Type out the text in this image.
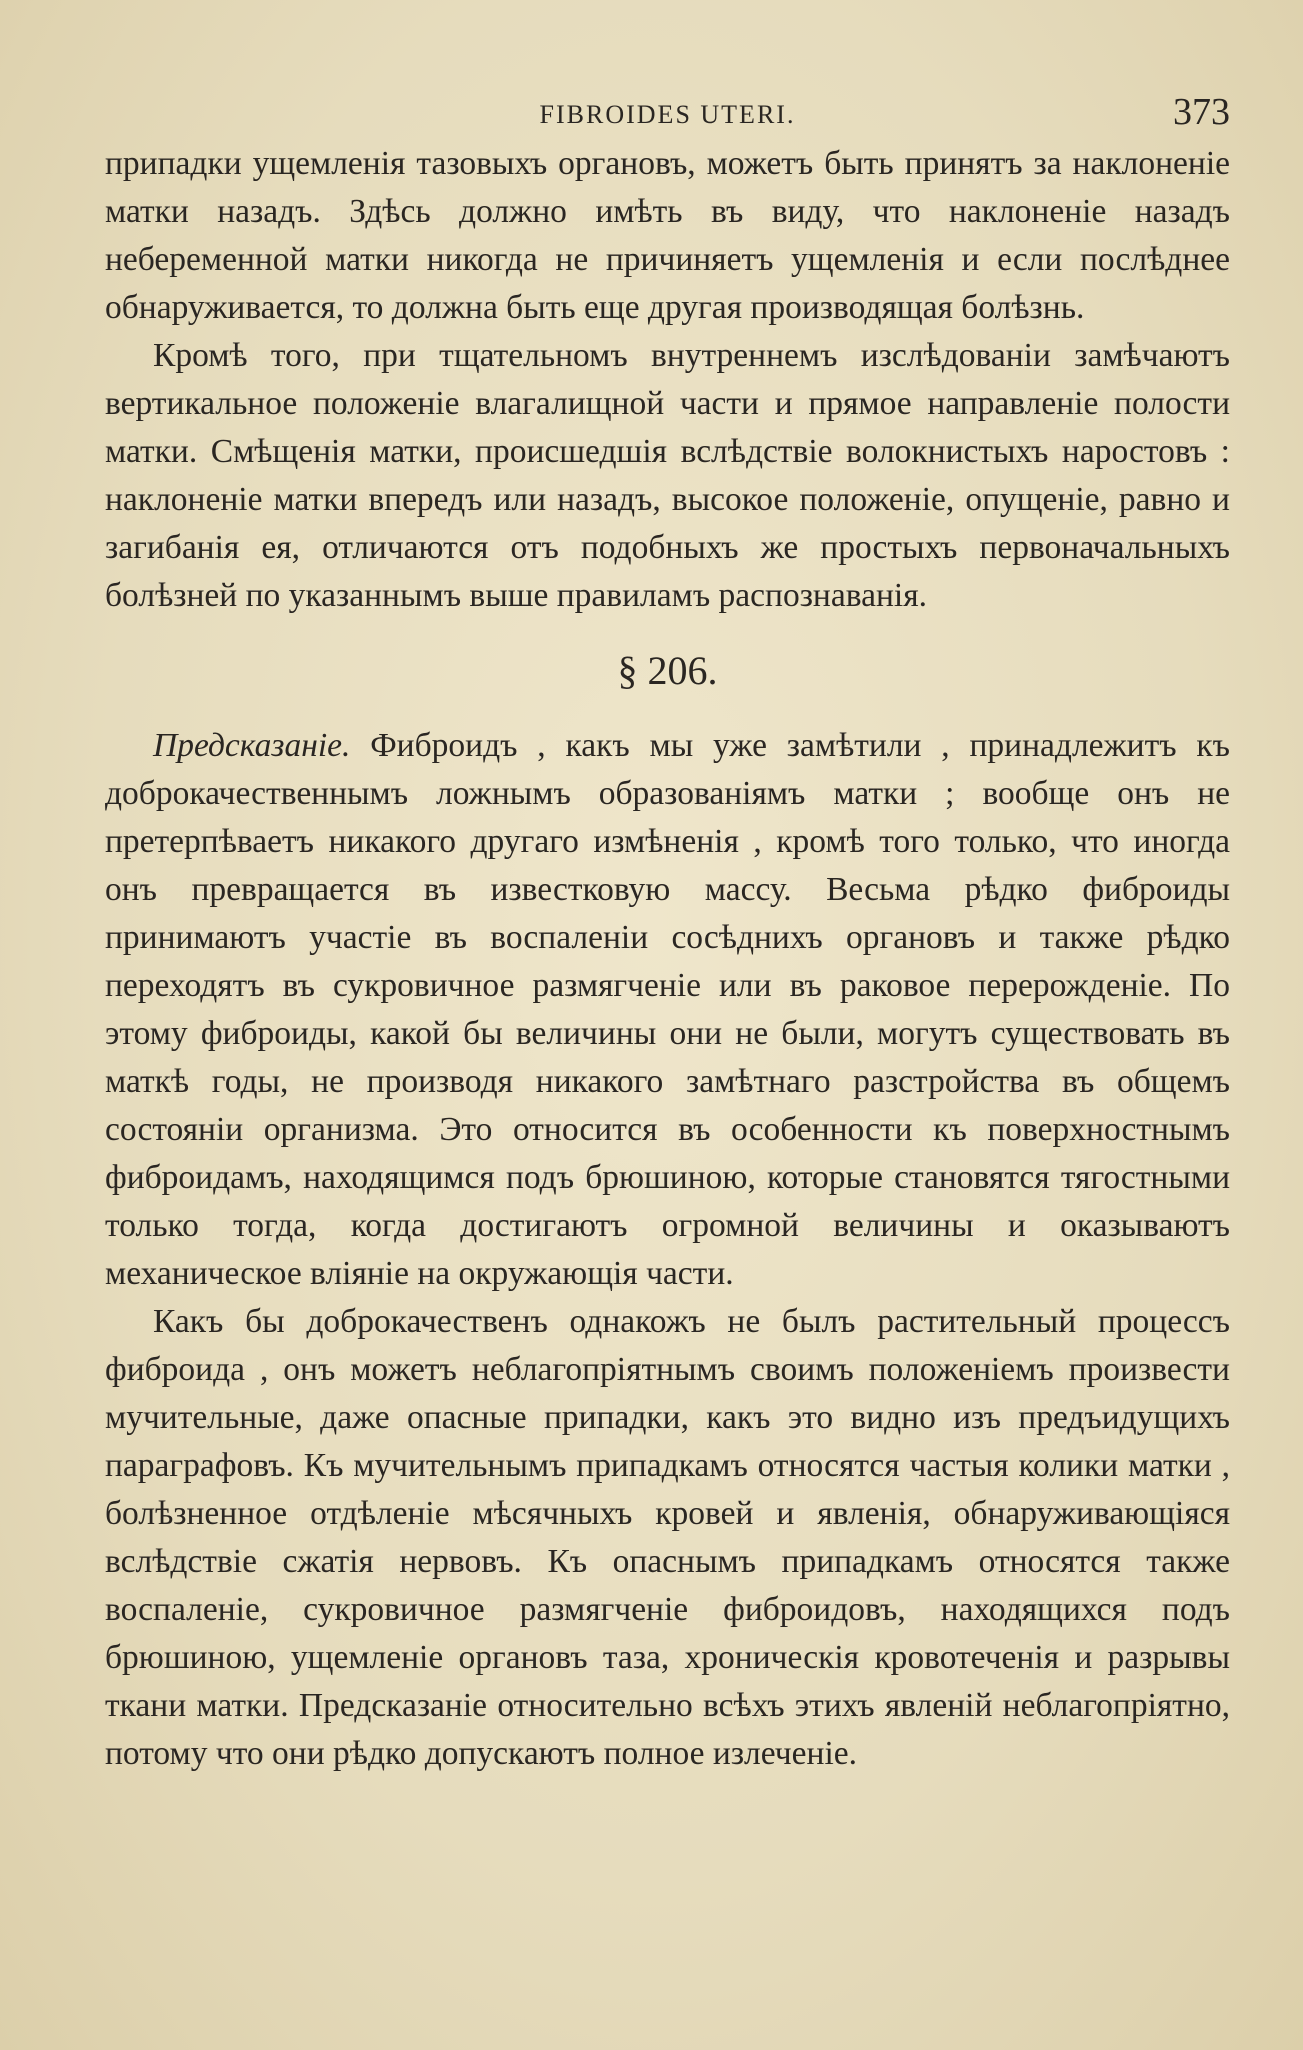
FIBROIDES UTERI.	373

припадки ущемленія тазовыхъ органовъ, можетъ быть принятъ за наклоненіе матки назадъ. Здѣсь должно имѣть въ виду, что наклоненіе назадъ небеременной матки никогда не причиняетъ ущемленія и если послѣднее обнаруживается, то должна быть еще другая производящая болѣзнь.

Кромѣ того, при тщательномъ внутреннемъ изслѣдованіи замѣчаютъ вертикальное положеніе влагалищной части и прямое направленіе полости матки. Смѣщенія матки, происшедшія вслѣдствіе волокнистыхъ наростовъ : наклоненіе матки впередъ или назадъ, высокое положеніе, опущеніе, равно и загибанія ея, отличаются отъ подобныхъ же простыхъ первоначальныхъ болѣзней по указаннымъ выше правиламъ распознаванія.

§ 206.

Предсказаніе. Фиброидъ , какъ мы уже замѣтили , принадлежитъ къ доброкачественнымъ ложнымъ образованіямъ матки ; вообще онъ не претерпѣваетъ никакого другаго измѣненія , кромѣ того только, что иногда онъ превращается въ известковую массу. Весьма рѣдко фиброиды принимаютъ участіе въ воспаленіи сосѣднихъ органовъ и также рѣдко переходятъ въ сукровичное размягченіе или въ раковое перерожденіе. По этому фиброиды, какой бы величины они не были, могутъ существовать въ маткѣ годы, не производя никакого замѣтнаго разстройства въ общемъ состояніи организма. Это относится въ особенности къ поверхностнымъ фиброидамъ, находящимся подъ брюшиною, которые становятся тягостными только тогда, когда достигаютъ огромной величины и оказываютъ механическое вліяніе на окружающія части.

Какъ бы доброкачественъ однакожъ не былъ растительный процессъ фиброида , онъ можетъ неблагопріятнымъ своимъ положеніемъ произвести мучительные, даже опасные припадки, какъ это видно изъ предъидущихъ параграфовъ. Къ мучительнымъ припадкамъ относятся частыя колики матки , болѣзненное отдѣленіе мѣсячныхъ кровей и явленія, обнаруживающіяся вслѣдствіе сжатія нервовъ. Къ опаснымъ припадкамъ относятся также воспаленіе, сукровичное размягченіе фиброидовъ, находящихся подъ брюшиною, ущемленіе органовъ таза, хроническія кровотеченія и разрывы ткани матки. Предсказаніе относительно всѣхъ этихъ явленій неблагопріятно, потому что они рѣдко допускаютъ полное излеченіе.
